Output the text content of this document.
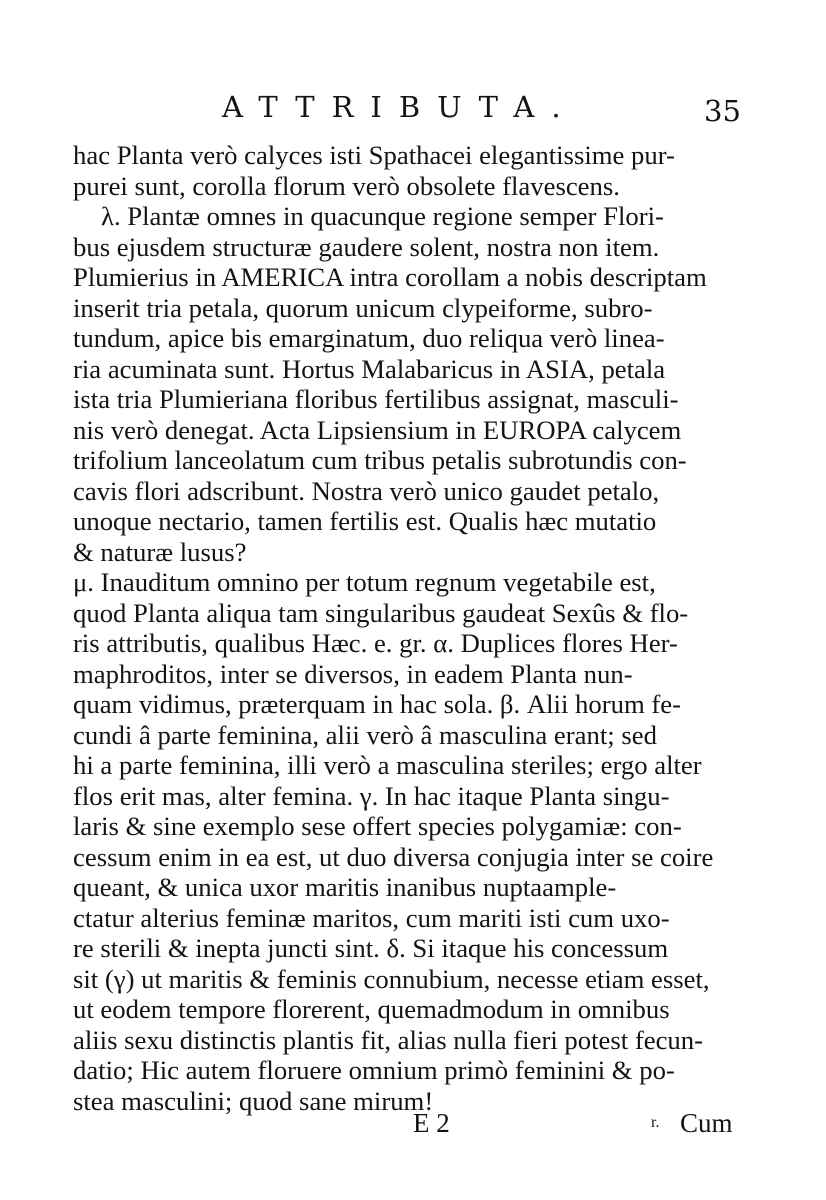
ATTRIBUTA.	35
hac Planta verò calyces isti Spathacei elegantissime pur-
purei sunt, corolla florum verò obsolete flavescens.
λ. Plantæ omnes in quacunque regione semper Flori-
bus ejusdem structuræ gaudere solent, nostra non item.
Plumierius in AMERICA intra corollam a nobis descriptam
inserit tria petala, quorum unicum clypeiforme, subro-
tundum, apice bis emarginatum, duo reliqua verò linea-
ria acuminata sunt. Hortus Malabaricus in ASIA, petala
ista tria Plumieriana floribus fertilibus assignat, masculi-
nis verò denegat. Acta Lipsiensium in EUROPA calycem
trifolium lanceolatum cum tribus petalis subrotundis con-
cavis flori adscribunt. Nostra verò unico gaudet petalo,
unoque nectario, tamen fertilis est. Qualis hæc mutatio
& naturæ lusus?
μ. Inauditum omnino per totum regnum vegetabile est,
quod Planta aliqua tam singularibus gaudeat Sexûs & flo-
ris attributis, qualibus Hæc. e. gr. α. Duplices flores Her-
maphroditos, inter se diversos, in eadem Planta nun-
quam vidimus, præterquam in hac sola. β. Alii horum fe-
cundi â parte feminina, alii verò â masculina erant; sed
hi a parte feminina, illi verò a masculina steriles; ergo alter
flos erit mas, alter femina. γ. In hac itaque Planta singu-
laris & sine exemplo sese offert species polygamiæ: con-
cessum enim in ea est, ut duo diversa conjugia inter se coire
queant, & unica uxor maritis inanibus nuptaample-
ctatur alterius feminæ maritos, cum mariti isti cum uxo-
re sterili & inepta juncti sint. δ. Si itaque his concessum
sit (γ) ut maritis & feminis connubium, necesse etiam esset,
ut eodem tempore florerent, quemadmodum in omnibus
aliis sexu distinctis plantis fit, alias nulla fieri potest fecun-
datio; Hic autem floruere omnium primò feminini & po-
stea masculini; quod sane mirum!
E 2	r. Cum
